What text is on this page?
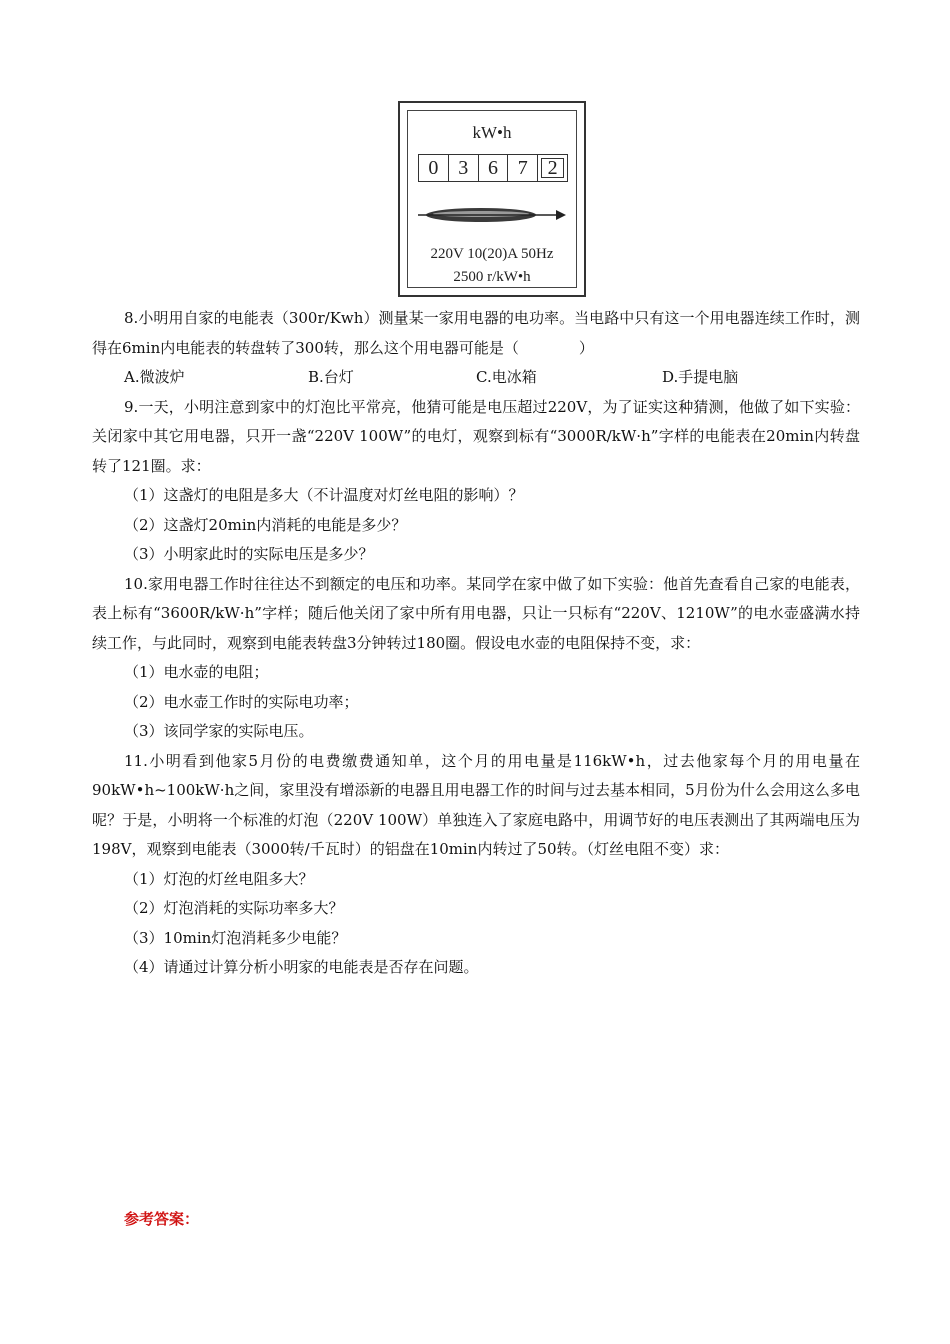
kW•h
0 3 6 7 2
220V 10(20)A 50Hz
2500 r/kW•h

8.小明用自家的电能表（300r/Kwh）测量某一家用电器的电功率。当电路中只有这一个用电器连续工作时，测得在6min内电能表的转盘转了300转，那么这个用电器可能是（　　　　）

A.微波炉	B.台灯	C.电冰箱	D.手提电脑

9.一天，小明注意到家中的灯泡比平常亮，他猜可能是电压超过220V，为了证实这种猜测，他做了如下实验：关闭家中其它用电器，只开一盏“220V 100W”的电灯，观察到标有“3000R/kW·h”字样的电能表在20min内转盘转了121圈。求：

（1）这盏灯的电阻是多大（不计温度对灯丝电阻的影响）？

（2）这盏灯20min内消耗的电能是多少？

（3）小明家此时的实际电压是多少？

10.家用电器工作时往往达不到额定的电压和功率。某同学在家中做了如下实验：他首先查看自己家的电能表，表上标有“3600R/kW·h”字样；随后他关闭了家中所有用电器，只让一只标有“220V、1210W”的电水壶盛满水持续工作，与此同时，观察到电能表转盘3分钟转过180圈。假设电水壶的电阻保持不变，求：

（1）电水壶的电阻；

（2）电水壶工作时的实际电功率；

（3）该同学家的实际电压。

11.小明看到他家5月份的电费缴费通知单，这个月的用电量是116kW•h，过去他家每个月的用电量在90kW•h~100kW·h之间，家里没有增添新的电器且用电器工作的时间与过去基本相同，5月份为什么会用这么多电呢？于是，小明将一个标准的灯泡（220V 100W）单独连入了家庭电路中，用调节好的电压表测出了其两端电压为198V，观察到电能表（3000转/千瓦时）的铝盘在10min内转过了50转。（灯丝电阻不变）求：

（1）灯泡的灯丝电阻多大？

（2）灯泡消耗的实际功率多大？

（3）10min灯泡消耗多少电能？

（4）请通过计算分析小明家的电能表是否存在问题。

参考答案：
